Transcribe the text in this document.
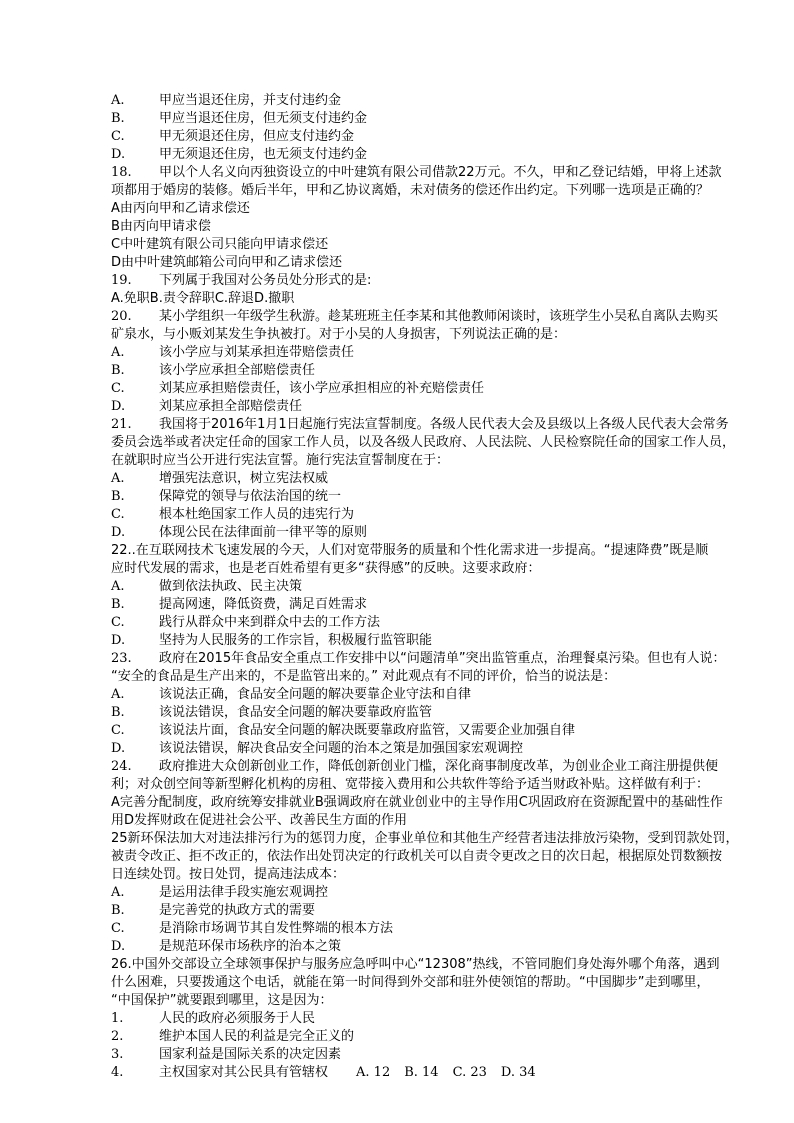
A.	甲应当退还住房，并支付违约金
B.	甲应当退还住房，但无须支付违约金
C.	甲无须退还住房，但应支付违约金
D.	甲无须退还住房，也无须支付违约金
18. 甲以个人名义向丙独资设立的中叶建筑有限公司借款22万元。不久，甲和乙登记结婚，甲将上述款
项都用于婚房的装修。婚后半年，甲和乙协议离婚，未对债务的偿还作出约定。下列哪一选项是正确的？
A由丙向甲和乙请求偿还
B由丙向甲请求偿
C中叶建筑有限公司只能向甲请求偿还
D由中叶建筑邮箱公司向甲和乙请求偿还
19. 下列属于我国对公务员处分形式的是:
A.免职B.责令辞职C.辞退D.撤职
20. 某小学组织一年级学生秋游。趁某班班主任李某和其他教师闲谈时，该班学生小吴私自离队去购买
矿泉水，与小贩刘某发生争执被打。对于小吴的人身损害，下列说法正确的是：
A.	该小学应与刘某承担连带赔偿责任
B.	该小学应承担全部赔偿责任
C.	刘某应承担赔偿责任，该小学应承担相应的补充赔偿责任
D.	刘某应承担全部赔偿责任
21. 我国将于2016年1月1日起施行宪法宣誓制度。各级人民代表大会及县级以上各级人民代表大会常务
委员会选举或者决定任命的国家工作人员，以及各级人民政府、人民法院、人民检察院任命的国家工作人员，
在就职时应当公开进行宪法宣誓。施行宪法宣誓制度在于：
A.	增强宪法意识，树立宪法权威
B.	保障党的领导与依法治国的统一
C.	根本杜绝国家工作人员的违宪行为
D.	体现公民在法律面前一律平等的原则
22..在互联网技术飞速发展的今天，人们对宽带服务的质量和个性化需求进一步提高。“提速降费”既是顺
应时代发展的需求，也是老百姓希望有更多“获得感”的反映。这要求政府：
A.	做到依法执政、民主决策
B.	提高网速，降低资费，满足百姓需求
C.	践行从群众中来到群众中去的工作方法
D.	坚持为人民服务的工作宗旨，积极履行监管职能
23. 政府在2015年食品安全重点工作安排中以“问题清单”突出监管重点，治理餐桌污染。但也有人说：
“安全的食品是生产出来的，不是监管出来的。” 对此观点有不同的评价，恰当的说法是：
A.	该说法正确，食品安全问题的解决要靠企业守法和自律
B.	该说法错误，食品安全问题的解决要靠政府监管
C.	该说法片面，食品安全问题的解决既要靠政府监管，又需要企业加强自律
D.	该说法错误，解决食品安全问题的治本之策是加强国家宏观调控
24. 政府推进大众创新创业工作，降低创新创业门槛，深化商事制度改革，为创业企业工商注册提供便
利；对众创空间等新型孵化机构的房租、宽带接入费用和公共软件等给予适当财政补贴。这样做有利于：
A完善分配制度，政府统筹安排就业B强调政府在就业创业中的主导作用C巩固政府在资源配置中的基础性作
用D发挥财政在促进社会公平、改善民生方面的作用
25新环保法加大对违法排污行为的惩罚力度，企事业单位和其他生产经营者违法排放污染物，受到罚款处罚，
被责令改正、拒不改正的，依法作出处罚决定的行政机关可以自责令更改之日的次日起，根据原处罚数额按
日连续处罚。按日处罚，提高违法成本：
A.	是运用法律手段实施宏观调控
B.	是完善党的执政方式的需要
C.	是消除市场调节其自发性弊端的根本方法
D.	是规范环保市场秩序的治本之策
26.中国外交部设立全球领事保护与服务应急呼叫中心“12308”热线，不管同胞们身处海外哪个角落，遇到
什么困难，只要拨通这个电话，就能在第一时间得到外交部和驻外使领馆的帮助。“中国脚步”走到哪里，
“中国保护”就要跟到哪里，这是因为：
1.	人民的政府必须服务于人民
2.	维护本国人民的利益是完全正义的
3.	国家利益是国际关系的决定因素
4.	主权国家对其公民具有管辖权 A. 12 B. 14 C. 23 D. 34
